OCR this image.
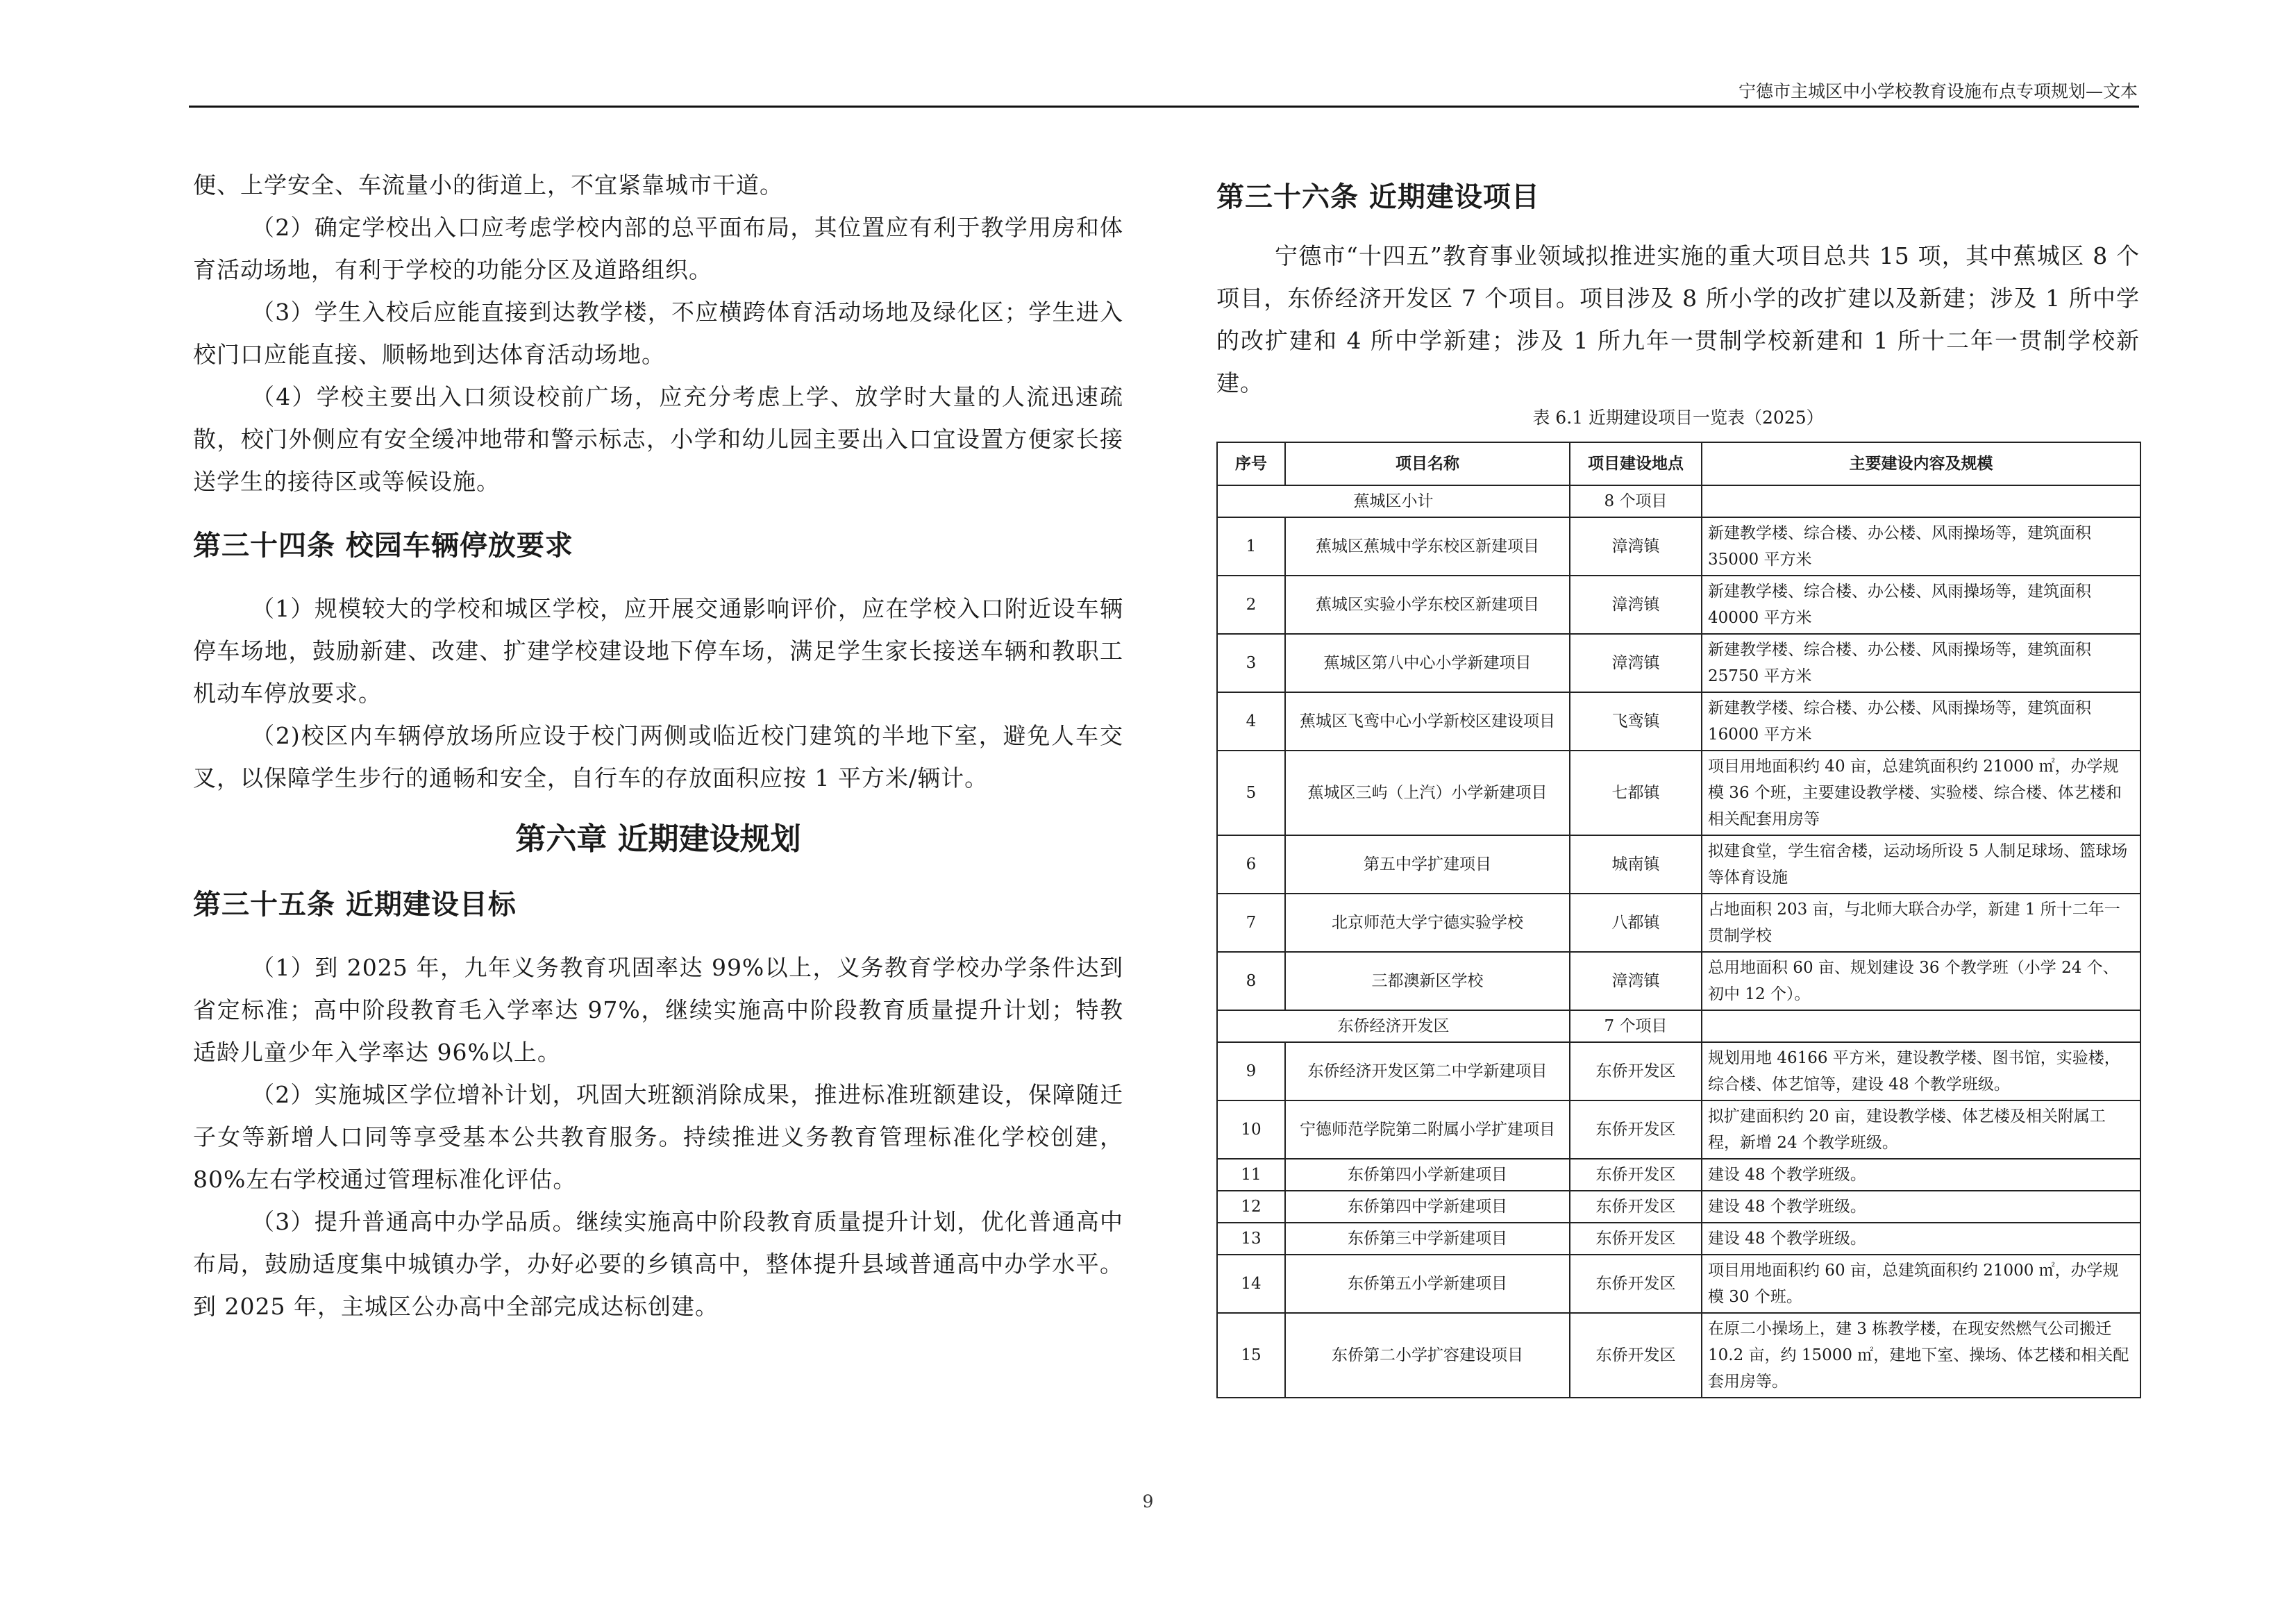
宁德市主城区中小学校教育设施布点专项规划—文本

便、上学安全、车流量小的街道上，不宜紧靠城市干道。

（2）确定学校出入口应考虑学校内部的总平面布局，其位置应有利于教学用房和体育活动场地，有利于学校的功能分区及道路组织。

（3）学生入校后应能直接到达教学楼，不应横跨体育活动场地及绿化区；学生进入校门口应能直接、顺畅地到达体育活动场地。

（4）学校主要出入口须设校前广场，应充分考虑上学、放学时大量的人流迅速疏散，校门外侧应有安全缓冲地带和警示标志，小学和幼儿园主要出入口宜设置方便家长接送学生的接待区或等候设施。

第三十四条 校园车辆停放要求

（1）规模较大的学校和城区学校，应开展交通影响评价，应在学校入口附近设车辆停车场地，鼓励新建、改建、扩建学校建设地下停车场，满足学生家长接送车辆和教职工机动车停放要求。

（2)校区内车辆停放场所应设于校门两侧或临近校门建筑的半地下室，避免人车交叉，以保障学生步行的通畅和安全，自行车的存放面积应按 1 平方米/辆计。

第六章 近期建设规划
第三十五条 近期建设目标

（1）到 2025 年，九年义务教育巩固率达 99%以上，义务教育学校办学条件达到省定标准；高中阶段教育毛入学率达 97%，继续实施高中阶段教育质量提升计划；特教适龄儿童少年入学率达 96%以上。

（2）实施城区学位增补计划，巩固大班额消除成果，推进标准班额建设，保障随迁子女等新增人口同等享受基本公共教育服务。持续推进义务教育管理标准化学校创建，80%左右学校通过管理标准化评估。

（3）提升普通高中办学品质。继续实施高中阶段教育质量提升计划，优化普通高中布局，鼓励适度集中城镇办学，办好必要的乡镇高中，整体提升县域普通高中办学水平。到 2025 年，主城区公办高中全部完成达标创建。

第三十六条 近期建设项目

宁德市“十四五”教育事业领域拟推进实施的重大项目总共 15 项，其中蕉城区 8 个项目，东侨经济开发区 7 个项目。项目涉及 8 所小学的改扩建以及新建；涉及 1 所中学的改扩建和 4 所中学新建；涉及 1 所九年一贯制学校新建和 1 所十二年一贯制学校新建。

表 6.1 近期建设项目一览表（2025）
序号	项目名称	项目建设地点	主要建设内容及规模
蕉城区小计		8 个项目	
1	蕉城区蕉城中学东校区新建项目	漳湾镇	新建教学楼、综合楼、办公楼、风雨操场等，建筑面积 35000 平方米
2	蕉城区实验小学东校区新建项目	漳湾镇	新建教学楼、综合楼、办公楼、风雨操场等，建筑面积 40000 平方米
3	蕉城区第八中心小学新建项目	漳湾镇	新建教学楼、综合楼、办公楼、风雨操场等，建筑面积 25750 平方米
4	蕉城区飞鸾中心小学新校区建设项目	飞鸾镇	新建教学楼、综合楼、办公楼、风雨操场等，建筑面积 16000 平方米
5	蕉城区三屿（上汽）小学新建项目	七都镇	项目用地面积约 40 亩，总建筑面积约 21000 ㎡，办学规模 36 个班，主要建设教学楼、实验楼、综合楼、体艺楼和相关配套用房等
6	第五中学扩建项目	城南镇	拟建食堂，学生宿舍楼，运动场所设 5 人制足球场、篮球场等体育设施
7	北京师范大学宁德实验学校	八都镇	占地面积 203 亩，与北师大联合办学，新建 1 所十二年一贯制学校
8	三都澳新区学校	漳湾镇	总用地面积 60 亩、规划建设 36 个教学班（小学 24 个、初中 12 个）。
东侨经济开发区		7 个项目	
9	东侨经济开发区第二中学新建项目	东侨开发区	规划用地 46166 平方米，建设教学楼、图书馆，实验楼，综合楼、体艺馆等，建设 48 个教学班级。
10	宁德师范学院第二附属小学扩建项目	东侨开发区	拟扩建面积约 20 亩，建设教学楼、体艺楼及相关附属工程，新增 24 个教学班级。
11	东侨第四小学新建项目	东侨开发区	建设 48 个教学班级。
12	东侨第四中学新建项目	东侨开发区	建设 48 个教学班级。
13	东侨第三中学新建项目	东侨开发区	建设 48 个教学班级。
14	东侨第五小学新建项目	东侨开发区	项目用地面积约 60 亩，总建筑面积约 21000 ㎡，办学规模 30 个班。
15	东侨第二小学扩容建设项目	东侨开发区	在原二小操场上，建 3 栋教学楼，在现安然燃气公司搬迁 10.2 亩，约 15000 ㎡，建地下室、操场、体艺楼和相关配套用房等。
9
